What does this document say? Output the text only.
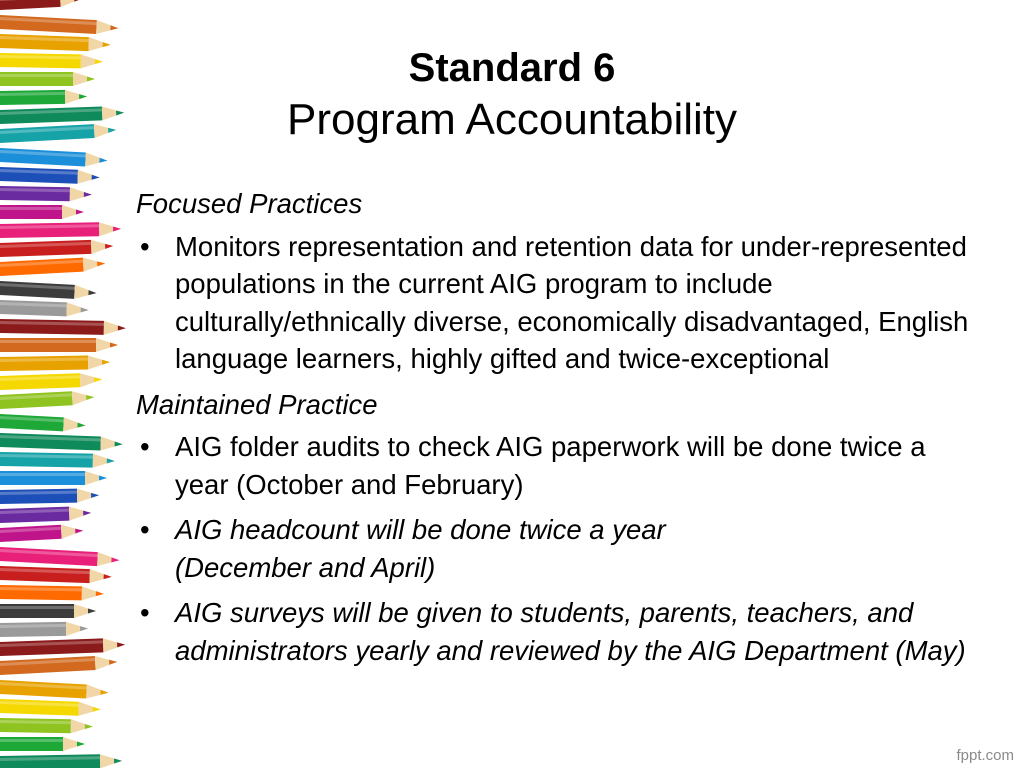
Standard 6
Program Accountability
Focused Practices
• Monitors representation and retention data for under-represented populations in the current AIG program to include culturally/ethnically diverse, economically disadvantaged, English language learners, highly gifted and twice-exceptional
Maintained Practice
• AIG folder audits to check AIG paperwork will be done twice a year (October and February)
• AIG headcount will be done twice a year
(December and April)
• AIG surveys will be given to students, parents, teachers, and administrators yearly and reviewed by the AIG Department (May)
fppt.com
